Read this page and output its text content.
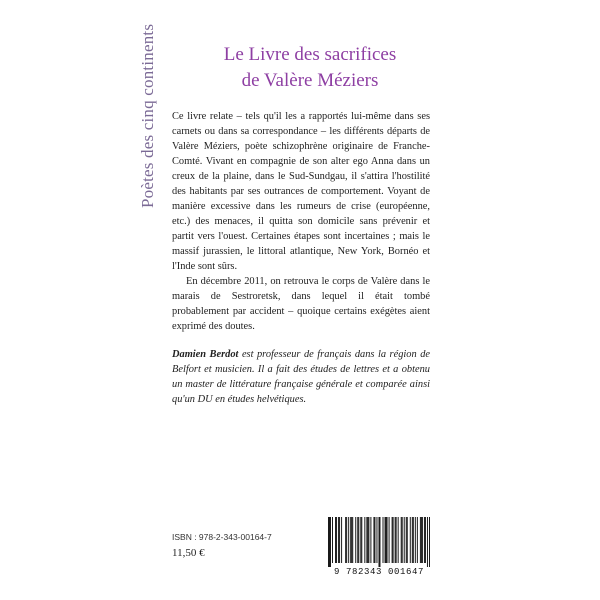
Poètes des cinq continents	Le Livre des sacrifices
de Valère Méziers

Ce livre relate – tels qu'il les a rapportés lui-même dans ses carnets ou dans sa correspondance – les différents départs de Valère Méziers, poète schizophrène originaire de Franche-Comté. Vivant en compagnie de son alter ego Anna dans un creux de la plaine, dans le Sud-Sundgau, il s'attira l'hostilité des habitants par ses outrances de comportement. Voyant de manière excessive dans les rumeurs de crise (européenne, etc.) des menaces, il quitta son domicile sans prévenir et partit vers l'ouest. Certaines étapes sont incertaines ; mais le massif jurassien, le littoral atlantique, New York, Bornéo et l'Inde sont sûrs.

En décembre 2011, on retrouva le corps de Valère dans le marais de Sestroretsk, dans lequel il était tombé probablement par accident – quoique certains exégètes aient exprimé des doutes.

Damien Berdot est professeur de français dans la région de Belfort et musicien. Il a fait des études de lettres et a obtenu un master de littérature française générale et comparée ainsi qu'un DU en études helvétiques.
ISBN : 978-2-343-00164-7
11,50 €
9 782343 001647
